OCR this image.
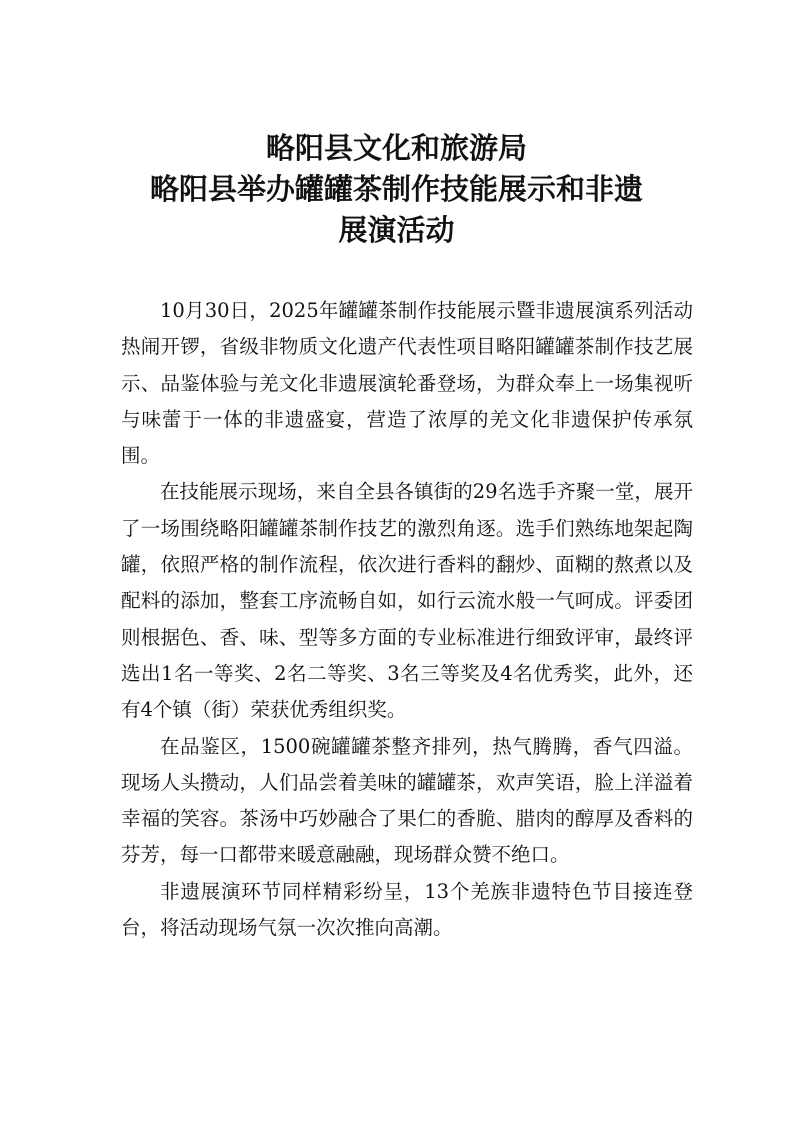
略阳县文化和旅游局
略阳县举办罐罐茶制作技能展示和非遗
展演活动

10月30日，2025年罐罐茶制作技能展示暨非遗展演系列活动热闹开锣，省级非物质文化遗产代表性项目略阳罐罐茶制作技艺展示、品鉴体验与羌文化非遗展演轮番登场，为群众奉上一场集视听与味蕾于一体的非遗盛宴，营造了浓厚的羌文化非遗保护传承氛围。

在技能展示现场，来自全县各镇街的29名选手齐聚一堂，展开了一场围绕略阳罐罐茶制作技艺的激烈角逐。选手们熟练地架起陶罐，依照严格的制作流程，依次进行香料的翻炒、面糊的熬煮以及配料的添加，整套工序流畅自如，如行云流水般一气呵成。评委团则根据色、香、味、型等多方面的专业标准进行细致评审，最终评选出1名一等奖、2名二等奖、3名三等奖及4名优秀奖，此外，还有4个镇（街）荣获优秀组织奖。

在品鉴区，1500碗罐罐茶整齐排列，热气腾腾，香气四溢。现场人头攒动，人们品尝着美味的罐罐茶，欢声笑语，脸上洋溢着幸福的笑容。茶汤中巧妙融合了果仁的香脆、腊肉的醇厚及香料的芬芳，每一口都带来暖意融融，现场群众赞不绝口。

非遗展演环节同样精彩纷呈，13个羌族非遗特色节目接连登台，将活动现场气氛一次次推向高潮。
